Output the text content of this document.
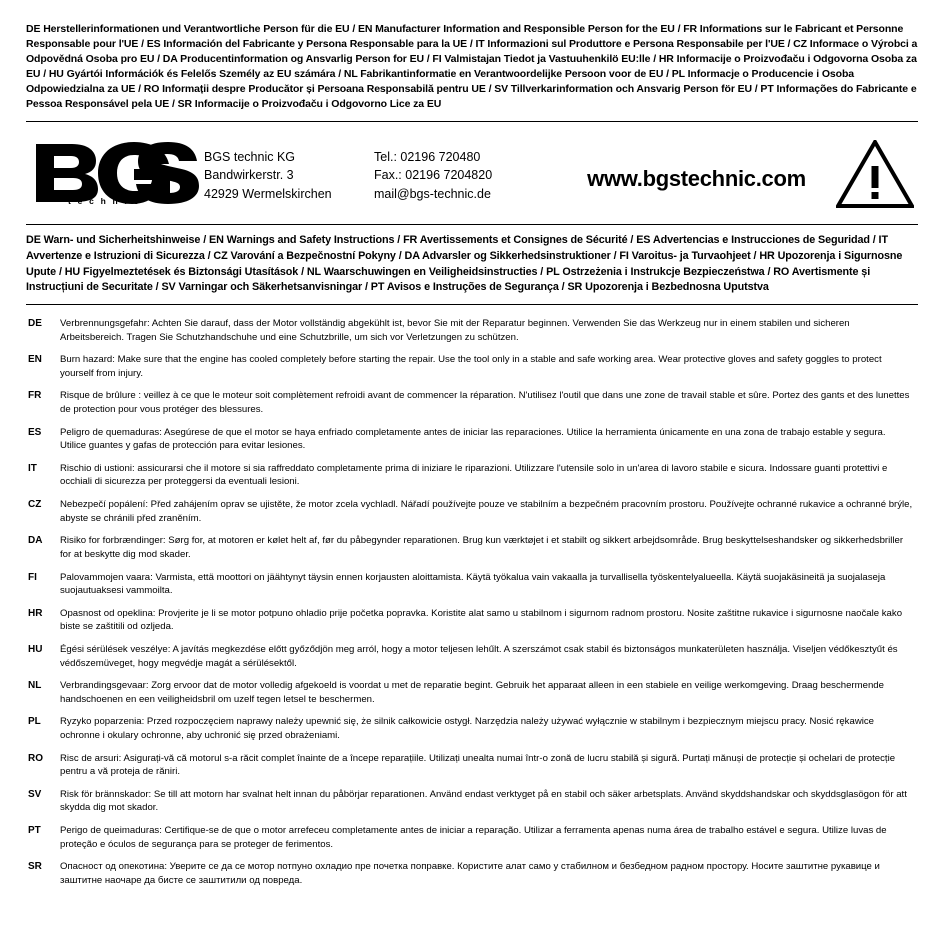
DE Herstellerinformationen und Verantwortliche Person für die EU / EN Manufacturer Information and Responsible Person for the EU / FR Informations sur le Fabricant et Personne Responsable pour l'UE / ES Información del Fabricante y Persona Responsable para la UE / IT Informazioni sul Produttore e Persona Responsabile per l'UE / CZ Informace o Výrobci a Odpovědná Osoba pro EU / DA Producentinformation og Ansvarlig Person for EU / FI Valmistajan Tiedot ja Vastuuhenkilö EU:lle / HR Informacije o Proizvođaču i Odgovorna Osoba za EU / HU Gyártói Információk és Felelős Személy az EU számára / NL Fabrikantinformatie en Verantwoordelijke Persoon voor de EU / PL Informacje o Producencie i Osoba Odpowiedzialna za UE / RO Informații despre Producător și Persoana Responsabilă pentru UE / SV Tillverkarinformation och Ansvarig Person för EU / PT Informações do Fabricante e Pessoa Responsável pela UE / SR Informacije o Proizvođaču i Odgovorno Lice za EU
t e c h n i c
BGS technic KG
Bandwirkerstr. 3
42929 Wermelskirchen
Tel.: 02196 720480
Fax.: 02196 7204820
mail@bgs-technic.de
www.bgstechnic.com
DE Warn- und Sicherheitshinweise / EN Warnings and Safety Instructions / FR Avertissements et Consignes de Sécurité / ES Advertencias e Instrucciones de Seguridad / IT Avvertenze e Istruzioni di Sicurezza / CZ Varování a Bezpečnostní Pokyny / DA Advarsler og Sikkerhedsinstruktioner / FI Varoitus- ja Turvaohjeet / HR Upozorenja i Sigurnosne Upute / HU Figyelmeztetések és Biztonsági Utasítások / NL Waarschuwingen en Veiligheidsinstructies / PL Ostrzeżenia i Instrukcje Bezpieczeństwa / RO Avertismente și Instrucțiuni de Securitate / SV Varningar och Säkerhetsanvisningar / PT Avisos e Instruções de Segurança / SR Upozorenja i Bezbednosna Uputstva
DE	Verbrennungsgefahr: Achten Sie darauf, dass der Motor vollständig abgekühlt ist, bevor Sie mit der Reparatur beginnen. Verwenden Sie das Werkzeug nur in einem stabilen und sicheren Arbeitsbereich. Tragen Sie Schutzhandschuhe und eine Schutzbrille, um sich vor Verletzungen zu schützen.
EN	Burn hazard: Make sure that the engine has cooled completely before starting the repair. Use the tool only in a stable and safe working area. Wear protective gloves and safety goggles to protect yourself from injury.
FR	Risque de brûlure : veillez à ce que le moteur soit complètement refroidi avant de commencer la réparation. N'utilisez l'outil que dans une zone de travail stable et sûre. Portez des gants et des lunettes de protection pour vous protéger des blessures.
ES	Peligro de quemaduras: Asegúrese de que el motor se haya enfriado completamente antes de iniciar las reparaciones. Utilice la herramienta únicamente en una zona de trabajo estable y segura. Utilice guantes y gafas de protección para evitar lesiones.
IT	Rischio di ustioni: assicurarsi che il motore si sia raffreddato completamente prima di iniziare le riparazioni. Utilizzare l'utensile solo in un'area di lavoro stabile e sicura. Indossare guanti protettivi e occhiali di sicurezza per proteggersi da eventuali lesioni.
CZ	Nebezpečí popálení: Před zahájením oprav se ujistěte, že motor zcela vychladl. Nářadí používejte pouze ve stabilním a bezpečném pracovním prostoru. Používejte ochranné rukavice a ochranné brýle, abyste se chránili před zraněním.
DA	Risiko for forbrændinger: Sørg for, at motoren er kølet helt af, før du påbegynder reparationen. Brug kun værktøjet i et stabilt og sikkert arbejdsområde. Brug beskyttelseshandsker og sikkerhedsbriller for at beskytte dig mod skader.
FI	Palovammojen vaara: Varmista, että moottori on jäähtynyt täysin ennen korjausten aloittamista. Käytä työkalua vain vakaalla ja turvallisella työskentelyalueella. Käytä suojakäsineitä ja suojalaseja suojautuaksesi vammoilta.
HR	Opasnost od opeklina: Provjerite je li se motor potpuno ohladio prije početka popravka. Koristite alat samo u stabilnom i sigurnom radnom prostoru. Nosite zaštitne rukavice i sigurnosne naočale kako biste se zaštitili od ozljeda.
HU	Égési sérülések veszélye: A javítás megkezdése előtt győződjön meg arról, hogy a motor teljesen lehűlt. A szerszámot csak stabil és biztonságos munkaterületen használja. Viseljen védőkesztyűt és védőszemüveget, hogy megvédje magát a sérülésektől.
NL	Verbrandingsgevaar: Zorg ervoor dat de motor volledig afgekoeld is voordat u met de reparatie begint. Gebruik het apparaat alleen in een stabiele en veilige werkomgeving. Draag beschermende handschoenen en een veiligheidsbril om uzelf tegen letsel te beschermen.
PL	Ryzyko poparzenia: Przed rozpoczęciem naprawy należy upewnić się, że silnik całkowicie ostygł. Narzędzia należy używać wyłącznie w stabilnym i bezpiecznym miejscu pracy. Nosić rękawice ochronne i okulary ochronne, aby uchronić się przed obrażeniami.
RO	Risc de arsuri: Asigurați-vă că motorul s-a răcit complet înainte de a începe reparațiile. Utilizați unealta numai într-o zonă de lucru stabilă și sigură. Purtați mănuși de protecție și ochelari de protecție pentru a vă proteja de răniri.
SV	Risk för brännskador: Se till att motorn har svalnat helt innan du påbörjar reparationen. Använd endast verktyget på en stabil och säker arbetsplats. Använd skyddshandskar och skyddsglasögon för att skydda dig mot skador.
PT	Perigo de queimaduras: Certifique-se de que o motor arrefeceu completamente antes de iniciar a reparação. Utilizar a ferramenta apenas numa área de trabalho estável e segura. Utilize luvas de proteção e óculos de segurança para se proteger de ferimentos.
SR	Опасност од опекотина: Уверите се да се мотор потпуно охладио пре почетка поправке. Користите алат само у стабилном и безбедном радном простору. Носите заштитне рукавице и заштитне наочаре да бисте се заштитили од повреда.
